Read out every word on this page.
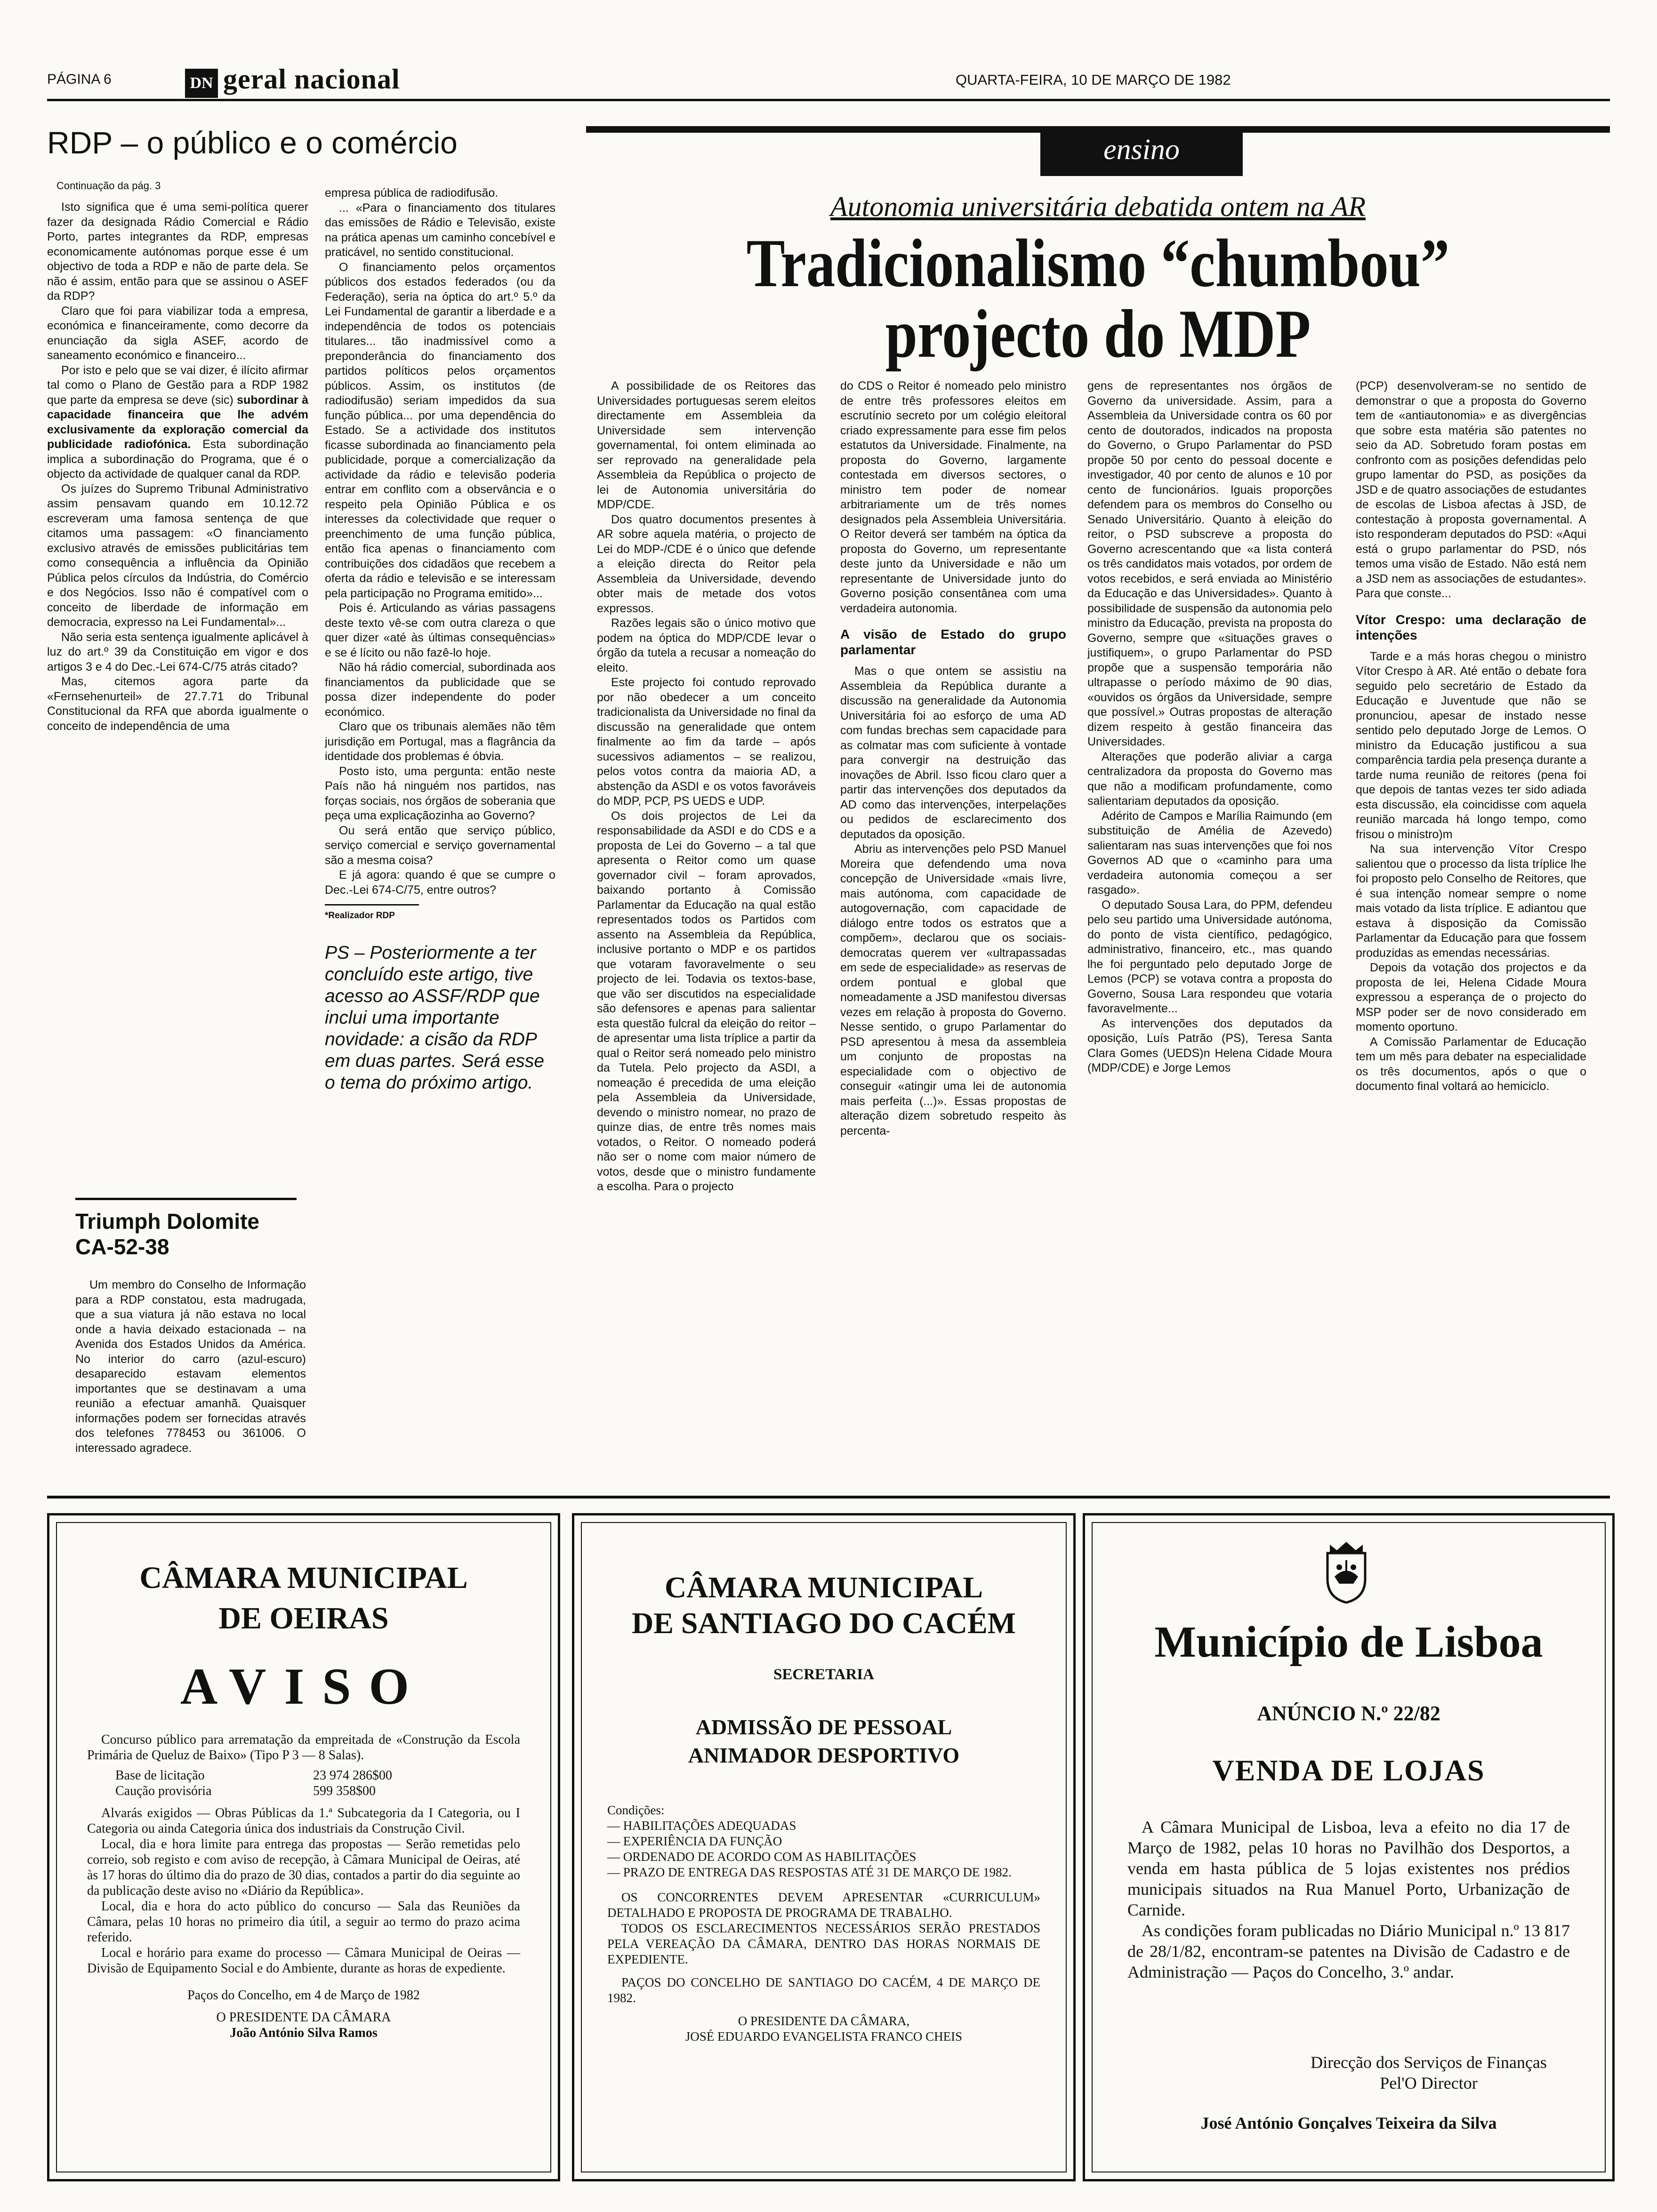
PÁGINA 6	DN geral nacional	QUARTA-FEIRA, 10 DE MARÇO DE 1982
RDP – o público e o comércio
Continuação da pág. 3

Isto significa que é uma semi-política querer fazer da designada Rádio Comercial e Rádio Porto, partes integrantes da RDP, empresas economicamente autónomas porque esse é um objectivo de toda a RDP e não de parte dela. Se não é assim, então para que se assinou o ASEF da RDP?

Claro que foi para viabilizar toda a empresa, económica e financeiramente, como decorre da enunciação da sigla ASEF, acordo de saneamento económico e financeiro...

Por isto e pelo que se vai dizer, é ilícito afirmar tal como o Plano de Gestão para a RDP 1982 que parte da empresa se deve (sic) subordinar à capacidade financeira que lhe advém exclusivamente da exploração comercial da publicidade radiofónica. Esta subordinação implica a subordinação do Programa, que é o objecto da actividade de qualquer canal da RDP.

Os juízes do Supremo Tribunal Administrativo assim pensavam quando em 10.12.72 escreveram uma famosa sentença de que citamos uma passagem: «O financiamento exclusivo através de emissões publicitárias tem como consequência a influência da Opinião Pública pelos círculos da Indústria, do Comércio e dos Negócios. Isso não é compatível com o conceito de liberdade de informação em democracia, expresso na Lei Fundamental»...

Não seria esta sentença igualmente aplicável à luz do art.º 39 da Constituição em vigor e dos artigos 3 e 4 do Dec.-Lei 674-C/75 atrás citado?

Mas, citemos agora parte da «Fernsehenurteil» de 27.7.71 do Tribunal Constitucional da RFA que aborda igualmente o conceito de independência de uma

empresa pública de radiodifusão.

... «Para o financiamento dos titulares das emissões de Rádio e Televisão, existe na prática apenas um caminho concebível e praticável, no sentido constitucional.

O financiamento pelos orçamentos públicos dos estados federados (ou da Federação), seria na óptica do art.º 5.º da Lei Fundamental de garantir a liberdade e a independência de todos os potenciais titulares... tão inadmissível como a preponderância do financiamento dos partidos políticos pelos orçamentos públicos. Assim, os institutos (de radiodifusão) seriam impedidos da sua função pública... por uma dependência do Estado. Se a actividade dos institutos ficasse subordinada ao financiamento pela publicidade, porque a comercialização da actividade da rádio e televisão poderia entrar em conflito com a observância e o respeito pela Opinião Pública e os interesses da colectividade que requer o preenchimento de uma função pública, então fica apenas o financiamento com contribuições dos cidadãos que recebem a oferta da rádio e televisão e se interessam pela participação no Programa emitido»...

Pois é. Articulando as várias passagens deste texto vê-se com outra clareza o que quer dizer «até às últimas consequências» e se é lícito ou não fazê-lo hoje.

Não há rádio comercial, subordinada aos financiamentos da publicidade que se possa dizer independente do poder económico.

Claro que os tribunais alemães não têm jurisdição em Portugal, mas a flagrância da identidade dos problemas é óbvia.

Posto isto, uma pergunta: então neste País não há ninguém nos partidos, nas forças sociais, nos órgãos de soberania que peça uma explicaçãozinha ao Governo?

Ou será então que serviço público, serviço comercial e serviço governamental são a mesma coisa?

E já agora: quando é que se cumpre o Dec.-Lei 674-C/75, entre outros?

*Realizador RDP
PS – Posteriormente a ter concluído este artigo, tive acesso ao ASSF/RDP que inclui uma importante novidade: a cisão da RDP em duas partes. Será esse o tema do próximo artigo.
Triumph Dolomite
CA-52-38

Um membro do Conselho de Informação para a RDP constatou, esta madrugada, que a sua viatura já não estava no local onde a havia deixado estacionada – na Avenida dos Estados Unidos da América. No interior do carro (azul-escuro) desaparecido estavam elementos importantes que se destinavam a uma reunião a efectuar amanhã. Quaisquer informações podem ser fornecidas através dos telefones 778453 ou 361006. O interessado agradece.

ensino
Autonomia universitária debatida ontem na AR
Tradicionalismo “chumbou”
projecto do MDP

A possibilidade de os Reitores das Universidades portuguesas serem eleitos directamente em Assembleia da Universidade sem intervenção governamental, foi ontem eliminada ao ser reprovado na generalidade pela Assembleia da República o projecto de lei de Autonomia universitária do MDP/CDE.

Dos quatro documentos presentes à AR sobre aquela matéria, o projecto de Lei do MDP-/CDE é o único que defende a eleição directa do Reitor pela Assembleia da Universidade, devendo obter mais de metade dos votos expressos.

Razões legais são o único motivo que podem na óptica do MDP/CDE levar o órgão da tutela a recusar a nomeação do eleito.

Este projecto foi contudo reprovado por não obedecer a um conceito tradicionalista da Universidade no final da discussão na generalidade que ontem finalmente ao fim da tarde – após sucessivos adiamentos – se realizou, pelos votos contra da maioria AD, a abstenção da ASDI e os votos favoráveis do MDP, PCP, PS UEDS e UDP.

Os dois projectos de Lei da responsabilidade da ASDI e do CDS e a proposta de Lei do Governo – a tal que apresenta o Reitor como um quase governador civil – foram aprovados, baixando portanto à Comissão Parlamentar da Educação na qual estão representados todos os Partidos com assento na Assembleia da República, inclusive portanto o MDP e os partidos que votaram favoravelmente o seu projecto de lei. Todavia os textos-base, que vão ser discutidos na especialidade são defensores e apenas para salientar esta questão fulcral da eleição do reitor – de apresentar uma lista tríplice a partir da qual o Reitor será nomeado pelo ministro da Tutela. Pelo projecto da ASDI, a nomeação é precedida de uma eleição pela Assembleia da Universidade, devendo o ministro nomear, no prazo de quinze dias, de entre três nomes mais votados, o Reitor. O nomeado poderá não ser o nome com maior número de votos, desde que o ministro fundamente a escolha. Para o projecto

do CDS o Reitor é nomeado pelo ministro de entre três professores eleitos em escrutínio secreto por um colégio eleitoral criado expressamente para esse fim pelos estatutos da Universidade. Finalmente, na proposta do Governo, largamente contestada em diversos sectores, o ministro tem poder de nomear arbitrariamente um de três nomes designados pela Assembleia Universitária. O Reitor deverá ser também na óptica da proposta do Governo, um representante deste junto da Universidade e não um representante de Universidade junto do Governo posição consentânea com uma verdadeira autonomia.

A visão de Estado do grupo parlamentar

Mas o que ontem se assistiu na Assembleia da República durante a discussão na generalidade da Autonomia Universitária foi ao esforço de uma AD com fundas brechas sem capacidade para as colmatar mas com suficiente à vontade para convergir na destruição das inovações de Abril. Isso ficou claro quer a partir das intervenções dos deputados da AD como das intervenções, interpelações ou pedidos de esclarecimento dos deputados da oposição.

Abriu as intervenções pelo PSD Manuel Moreira que defendendo uma nova concepção de Universidade «mais livre, mais autónoma, com capacidade de autogovernação, com capacidade de diálogo entre todos os estratos que a compõem», declarou que os sociais-democratas querem ver «ultrapassadas em sede de especialidade» as reservas de ordem pontual e global que nomeadamente a JSD manifestou diversas vezes em relação à proposta do Governo. Nesse sentido, o grupo Parlamentar do PSD apresentou à mesa da assembleia um conjunto de propostas na especialidade com o objectivo de conseguir «atingir uma lei de autonomia mais perfeita (...)». Essas propostas de alteração dizem sobretudo respeito às percenta-

gens de representantes nos órgãos de Governo da universidade. Assim, para a Assembleia da Universidade contra os 60 por cento de doutorados, indicados na proposta do Governo, o Grupo Parlamentar do PSD propõe 50 por cento do pessoal docente e investigador, 40 por cento de alunos e 10 por cento de funcionários. Iguais proporções defendem para os membros do Conselho ou Senado Universitário. Quanto à eleição do reitor, o PSD subscreve a proposta do Governo acrescentando que «a lista conterá os três candidatos mais votados, por ordem de votos recebidos, e será enviada ao Ministério da Educação e das Universidades». Quanto à possibilidade de suspensão da autonomia pelo ministro da Educação, prevista na proposta do Governo, sempre que «situações graves o justifiquem», o grupo Parlamentar do PSD propõe que a suspensão temporária não ultrapasse o período máximo de 90 dias, «ouvidos os órgãos da Universidade, sempre que possível.» Outras propostas de alteração dizem respeito à gestão financeira das Universidades.

Alterações que poderão aliviar a carga centralizadora da proposta do Governo mas que não a modificam profundamente, como salientariam deputados da oposição.

Adérito de Campos e Marília Raimundo (em substituição de Amélia de Azevedo) salientaram nas suas intervenções que foi nos Governos AD que o «caminho para uma verdadeira autonomia começou a ser rasgado».

O deputado Sousa Lara, do PPM, defendeu pelo seu partido uma Universidade autónoma, do ponto de vista científico, pedagógico, administrativo, financeiro, etc., mas quando lhe foi perguntado pelo deputado Jorge de Lemos (PCP) se votava contra a proposta do Governo, Sousa Lara respondeu que votaria favoravelmente...

As intervenções dos deputados da oposição, Luís Patrão (PS), Teresa Santa Clara Gomes (UEDS)n Helena Cidade Moura (MDP/CDE) e Jorge Lemos

(PCP) desenvolveram-se no sentido de demonstrar o que a proposta do Governo tem de «antiautonomia» e as divergências que sobre esta matéria são patentes no seio da AD. Sobretudo foram postas em confronto com as posições defendidas pelo grupo lamentar do PSD, as posições da JSD e de quatro associações de estudantes de escolas de Lisboa afectas à JSD, de contestação à proposta governamental. A isto responderam deputados do PSD: «Aqui está o grupo parlamentar do PSD, nós temos uma visão de Estado. Não está nem a JSD nem as associações de estudantes». Para que conste...

Vítor Crespo: uma declaração de intenções

Tarde e a más horas chegou o ministro Vítor Crespo à AR. Até então o debate fora seguido pelo secretário de Estado da Educação e Juventude que não se pronunciou, apesar de instado nesse sentido pelo deputado Jorge de Lemos. O ministro da Educação justificou a sua comparência tardia pela presença durante a tarde numa reunião de reitores (pena foi que depois de tantas vezes ter sido adiada esta discussão, ela coincidisse com aquela reunião marcada há longo tempo, como frisou o ministro)m

Na sua intervenção Vítor Crespo salientou que o processo da lista tríplice lhe foi proposto pelo Conselho de Reitores, que é sua intenção nomear sempre o nome mais votado da lista tríplice. E adiantou que estava à disposição da Comissão Parlamentar da Educação para que fossem produzidas as emendas necessárias.

Depois da votação dos projectos e da proposta de lei, Helena Cidade Moura expressou a esperança de o projecto do MSP poder ser de novo considerado em momento oportuno.

A Comissão Parlamentar de Educação tem um mês para debater na especialidade os três documentos, após o que o documento final voltará ao hemiciclo.

CÂMARA MUNICIPAL
DE OEIRAS
AVISO

Concurso público para arrematação da empreitada de «Construção da Escola Primária de Queluz de Baixo» (Tipo P 3 — 8 Salas).

Base de licitação	23 974 286$00
Caução provisória	599 358$00

Alvarás exigidos — Obras Públicas da 1.ª Subcategoria da I Categoria, ou I Categoria ou ainda Categoria única dos industriais da Construção Civil.

Local, dia e hora limite para entrega das propostas — Serão remetidas pelo correio, sob registo e com aviso de recepção, à Câmara Municipal de Oeiras, até às 17 horas do último dia do prazo de 30 dias, contados a partir do dia seguinte ao da publicação deste aviso no «Diário da República».

Local, dia e hora do acto público do concurso — Sala das Reuniões da Câmara, pelas 10 horas no primeiro dia útil, a seguir ao termo do prazo acima referido.

Local e horário para exame do processo — Câmara Municipal de Oeiras — Divisão de Equipamento Social e do Ambiente, durante as horas de expediente.

Paços do Concelho, em 4 de Março de 1982
O PRESIDENTE DA CÂMARA
João António Silva Ramos
CÂMARA MUNICIPAL
DE SANTIAGO DO CACÉM
SECRETARIA
ADMISSÃO DE PESSOAL
ANIMADOR DESPORTIVO
Condições:
— HABILITAÇÕES ADEQUADAS
— EXPERIÊNCIA DA FUNÇÃO
— ORDENADO DE ACORDO COM AS HABILITAÇÕES
— PRAZO DE ENTREGA DAS RESPOSTAS ATÉ 31 DE MARÇO DE 1982.

OS CONCORRENTES DEVEM APRESENTAR «CURRICULUM» DETALHADO E PROPOSTA DE PROGRAMA DE TRABALHO.

TODOS OS ESCLARECIMENTOS NECESSÁRIOS SERÃO PRESTADOS PELA VEREAÇÃO DA CÂMARA, DENTRO DAS HORAS NORMAIS DE EXPEDIENTE.

PAÇOS DO CONCELHO DE SANTIAGO DO CACÉM, 4 DE MARÇO DE 1982.

O PRESIDENTE DA CÂMARA,
JOSÉ EDUARDO EVANGELISTA FRANCO CHEIS
Município de Lisboa
ANÚNCIO N.º 22/82
VENDA DE LOJAS

A Câmara Municipal de Lisboa, leva a efeito no dia 17 de Março de 1982, pelas 10 horas no Pavilhão dos Desportos, a venda em hasta pública de 5 lojas existentes nos prédios municipais situados na Rua Manuel Porto, Urbanização de Carnide.

As condições foram publicadas no Diário Municipal n.º 13 817 de 28/1/82, encontram-se patentes na Divisão de Cadastro e de Administração — Paços do Concelho, 3.º andar.

Direcção dos Serviços de Finanças
Pel'O Director
José António Gonçalves Teixeira da Silva
